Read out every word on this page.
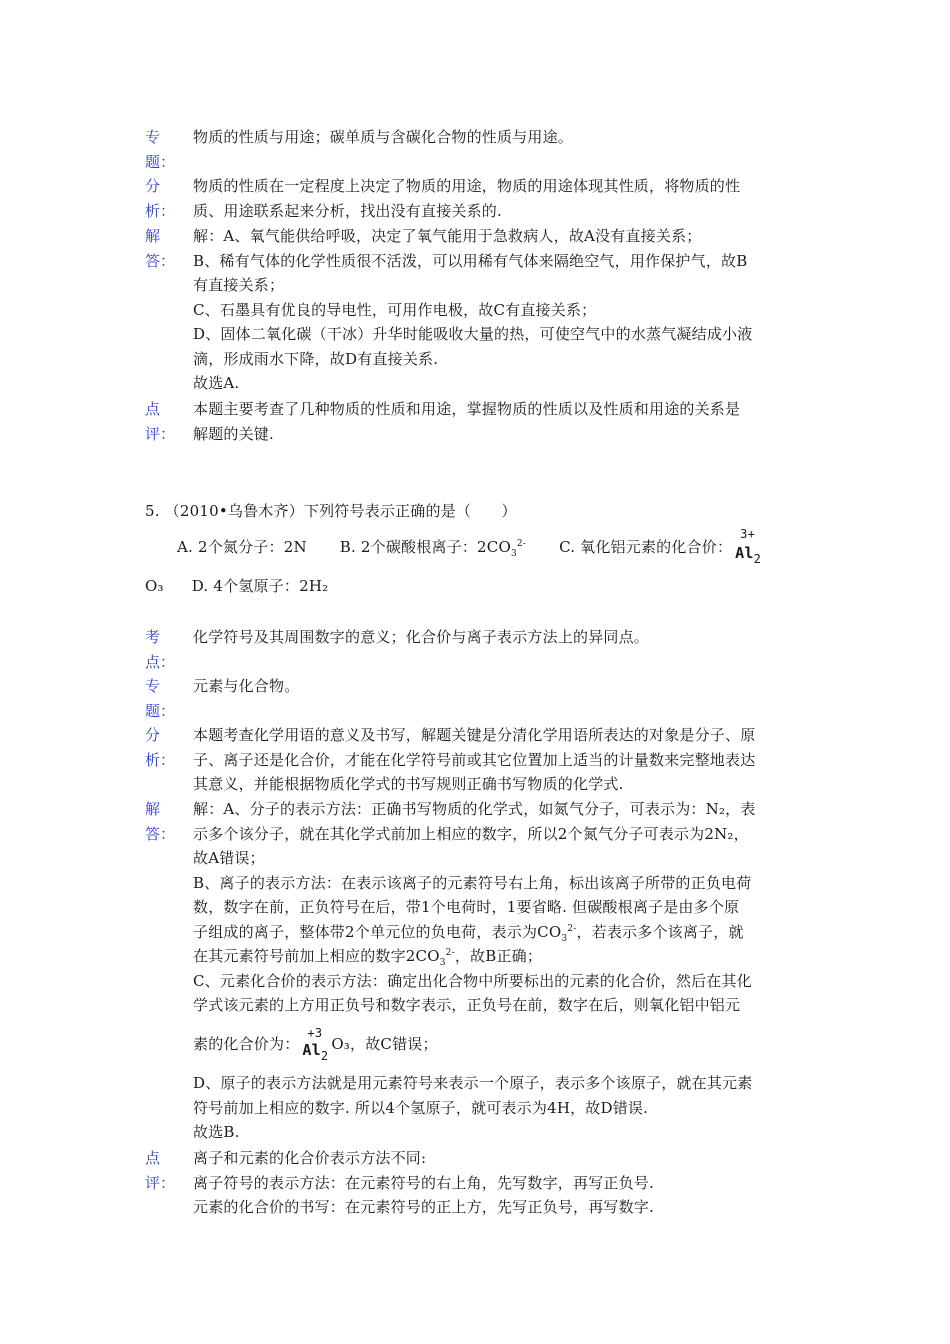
专
题：

物质的性质与用途；碳单质与含碳化合物的性质与用途。

分
析：

物质的性质在一定程度上决定了物质的用途，物质的用途体现其性质，将物质的性

质、用途联系起来分析，找出没有直接关系的.

解
答：

解：A、氧气能供给呼吸，决定了氧气能用于急救病人，故A没有直接关系；

B、稀有气体的化学性质很不活泼，可以用稀有气体来隔绝空气，用作保护气，故B

有直接关系；

C、石墨具有优良的导电性，可用作电极，故C有直接关系；

D、固体二氧化碳（干冰）升华时能吸收大量的热，可使空气中的水蒸气凝结成小液

滴，形成雨水下降，故D有直接关系.

故选A.

点
评：

本题主要考查了几种物质的性质和用途，掌握物质的性质以及性质和用途的关系是

解题的关键.

5. （2010•乌鲁木齐）下列符号表示正确的是（　　）
A. 2个氮分子：2N B. 2个碳酸根离子：$2CO_3^{2-}$ C. 氧化铝元素的化合价：
3+
$Al_2$
O₃ D. 4个氢原子：2H₂
考
点：

化学符号及其周围数字的意义；化合价与离子表示方法上的异同点。

专
题：

元素与化合物。

分
析：

本题考查化学用语的意义及书写，解题关键是分清化学用语所表达的对象是分子、原

子、离子还是化合价，才能在化学符号前或其它位置加上适当的计量数来完整地表达

其意义，并能根据物质化学式的书写规则正确书写物质的化学式.

解
答：

解：A、分子的表示方法：正确书写物质的化学式，如氮气分子，可表示为：N₂，表

示多个该分子，就在其化学式前加上相应的数字，所以2个氮气分子可表示为2N₂，

故A错误；

B、离子的表示方法：在表示该离子的元素符号右上角，标出该离子所带的正负电荷

数，数字在前，正负符号在后，带1个电荷时，1要省略. 但碳酸根离子是由多个原

子组成的离子，整体带2个单元位的负电荷，表示为$CO_3^{2-}$，若表示多个该离子，就

在其元素符号前加上相应的数字$2CO_3^{2-}$，故B正确；

C、元素化合价的表示方法：确定出化合物中所要标出的元素的化合价，然后在其化

学式该元素的上方用正负号和数字表示，正负号在前，数字在后，则氧化铝中铝元

素的化合价为：
+3
$Al_2O_3$，故C错误；

D、原子的表示方法就是用元素符号来表示一个原子，表示多个该原子，就在其元素

符号前加上相应的数字. 所以4个氢原子，就可表示为4H，故D错误.

故选B.

点
评：

离子和元素的化合价表示方法不同:

离子符号的表示方法：在元素符号的右上角，先写数字，再写正负号.

元素的化合价的书写：在元素符号的正上方，先写正负号，再写数字.
